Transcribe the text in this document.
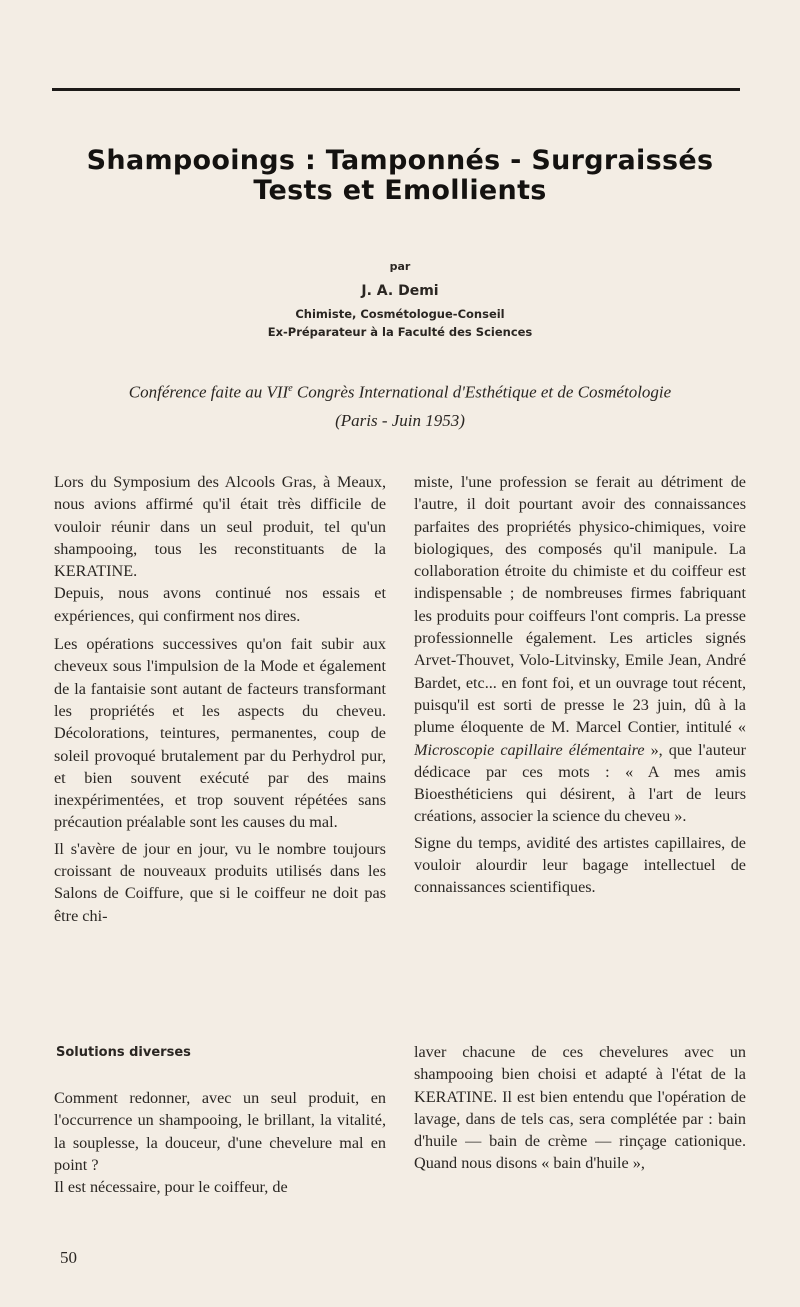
Shampooings : Tamponnés - Surgraissés
Tests et Emollients
par
J. A. Demi
Chimiste, Cosmétologue-Conseil
Ex-Préparateur à la Faculté des Sciences
Conférence faite au VIIe Congrès International d'Esthétique et de Cosmétologie
(Paris - Juin 1953)

Lors du Symposium des Alcools Gras, à Meaux, nous avions affirmé qu'il était très difficile de vouloir réunir dans un seul produit, tel qu'un shampooing, tous les reconstituants de la KERATINE.

Depuis, nous avons continué nos essais et expériences, qui confirment nos dires.

Les opérations successives qu'on fait subir aux cheveux sous l'impulsion de la Mode et également de la fantaisie sont autant de facteurs transformant les propriétés et les aspects du cheveu. Décolorations, teintures, permanentes, coup de soleil provoqué brutalement par du Perhydrol pur, et bien souvent exécuté par des mains inexpérimentées, et trop souvent répétées sans précaution préalable sont les causes du mal.

Il s'avère de jour en jour, vu le nombre toujours croissant de nouveaux produits utilisés dans les Salons de Coiffure, que si le coiffeur ne doit pas être chi-

miste, l'une profession se ferait au détriment de l'autre, il doit pourtant avoir des connaissances parfaites des propriétés physico-chimiques, voire biologiques, des composés qu'il manipule. La collaboration étroite du chimiste et du coiffeur est indispensable ; de nombreuses firmes fabriquant les produits pour coiffeurs l'ont compris. La presse professionnelle également. Les articles signés Arvet-Thouvet, Volo-Litvinsky, Emile Jean, André Bardet, etc... en font foi, et un ouvrage tout récent, puisqu'il est sorti de presse le 23 juin, dû à la plume éloquente de M. Marcel Contier, intitulé « Microscopie capillaire élémentaire », que l'auteur dédicace par ces mots : « A mes amis Bioesthéticiens qui désirent, à l'art de leurs créations, associer la science du cheveu ».

Signe du temps, avidité des artistes capillaires, de vouloir alourdir leur bagage intellectuel de connaissances scientifiques.

Solutions diverses

Comment redonner, avec un seul produit, en l'occurrence un shampooing, le brillant, la vitalité, la souplesse, la douceur, d'une chevelure mal en point ?

Il est nécessaire, pour le coiffeur, de

laver chacune de ces chevelures avec un shampooing bien choisi et adapté à l'état de la KERATINE. Il est bien entendu que l'opération de lavage, dans de tels cas, sera complétée par : bain d'huile — bain de crème — rinçage cationique. Quand nous disons « bain d'huile »,

50
